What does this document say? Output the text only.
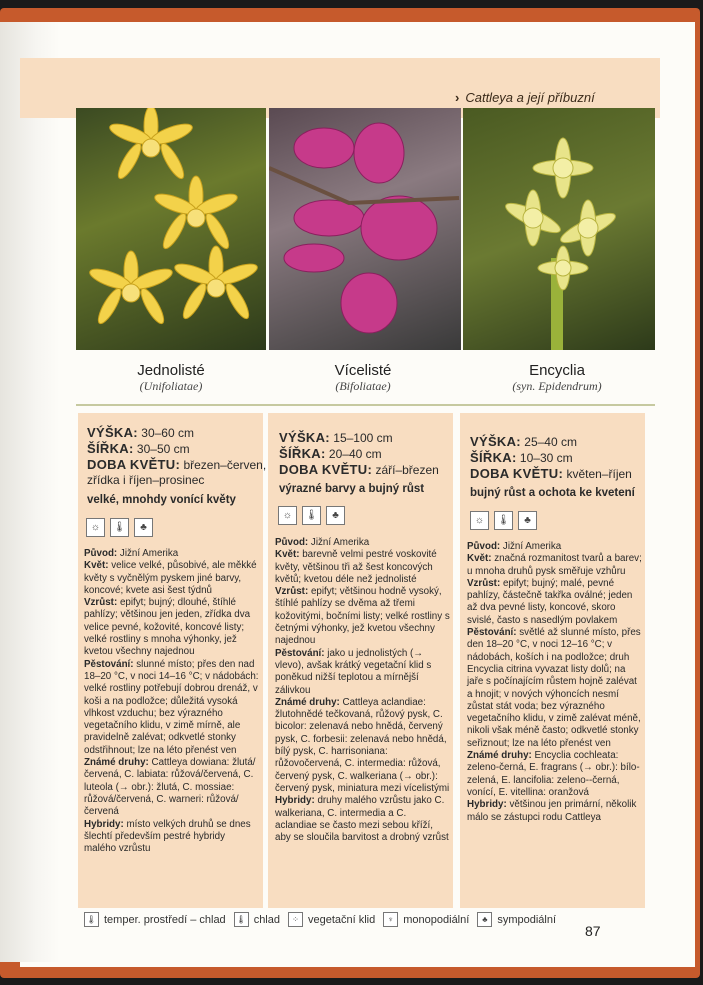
› Cattleya a její příbuzní
Jednolisté
(Unifoliatae)
Vícelisté
(Bifoliatae)
Encyclia
(syn. Epidendrum)
VÝŠKA: 30–60 cm
ŠÍŘKA: 30–50 cm
DOBA KVĚTU: březen–červen,
zřídka i říjen–prosinec
velké, mnohdy vonící květy
☼	🌡	♣
Původ: Jižní Amerika
Květ: velice velké, působivé, ale měkké květy s vyčnělým pyskem jiné barvy, koncové; kvete asi šest týdnů
Vzrůst: epifyt; bujný; dlouhé, štíhlé pahlízy; většinou jen jeden, zřídka dva velice pevné, kožovité, koncové listy; velké rostliny s mnoha výhonky, jež kvetou všechny najednou
Pěstování: slunné místo; přes den nad 18–20 °C, v noci 14–16 °C; v nádobách: velké rostliny potřebují dobrou drenáž, v koši a na podložce; důležitá vysoká vlhkost vzduchu; bez výrazného vegetačního klidu, v zimě mírně, ale pravidelně zalévat; odkvetlé stonky odstřihnout; lze na léto přenést ven
Známé druhy: Cattleya dowiana: žlutá/červená, C. labiata: růžová/červená, C. luteola (→ obr.): žlutá, C. mossiae: růžová/červená, C. warneri: růžová/červená
Hybridy: místo velkých druhů se dnes šlechtí především pestré hybridy malého vzrůstu
VÝŠKA: 15–100 cm
ŠÍŘKA: 20–40 cm
DOBA KVĚTU: září–březen
výrazné barvy a bujný růst
☼	🌡	♣
Původ: Jižní Amerika
Květ: barevně velmi pestré voskovité květy, většinou tři až šest koncových květů; kvetou déle než jednolisté
Vzrůst: epifyt; většinou hodně vysoký, štíhlé pahlízy se dvěma až třemi kožovitými, bočními listy; velké rostliny s četnými výhonky, jež kvetou všechny najednou
Pěstování: jako u jednolistých (→ vlevo), avšak krátký vegetační klid s poněkud nižší teplotou a mírnější zálivkou
Známé druhy: Cattleya aclandiae: žlutohnědé tečkovaná, růžový pysk, C. bicolor: zelenavá nebo hnědá, červený pysk, C. forbesii: zelenavá nebo hnědá, bílý pysk, C. harrisoniana: růžovočervená, C. intermedia: růžová, červený pysk, C. walkeriana (→ obr.): červený pysk, miniatura mezi vícelistými
Hybridy: druhy malého vzrůstu jako C. walkeriana, C. intermedia a C. aclandiae se často mezi sebou kříží, aby se sloučila barvitost a drobný vzrůst
VÝŠKA: 25–40 cm
ŠÍŘKA: 10–30 cm
DOBA KVĚTU: květen–říjen
bujný růst a ochota ke kvetení
☼	🌡	♣
Původ: Jižní Amerika
Květ: značná rozmanitost tvarů a barev; u mnoha druhů pysk směřuje vzhůru
Vzrůst: epifyt; bujný; malé, pevné pahlízy, částečně takřka oválné; jeden až dva pevné listy, koncové, skoro svislé, často s nasedlým povlakem
Pěstování: světlé až slunné místo, přes den 18–20 °C, v noci 12–16 °C; v nádobách, koších i na podložce; druh Encyclia citrina vyvazat listy dolů; na jaře s počínajícím růstem hojně zalévat a hnojit; v nových výhoncích nesmí zůstat stát voda; bez výrazného vegetačního klidu, v zimě zalévat méně, nikoli však méně často; odkvetlé stonky seřiznout; lze na léto přenést ven
Známé druhy: Encyclia cochleata: zeleno-černá, E. fragrans (→ obr.): bílo-zelená, E. lancifolia: zeleno--černá, vonící, E. vitellina: oranžová
Hybridy: většinou jen primární, několik málo se zástupci rodu Cattleya
🌡 temper. prostředí – chlad	🌡 chlad	⁘ vegetační klid	♆ monopodiální	♣ sympodiální
87
